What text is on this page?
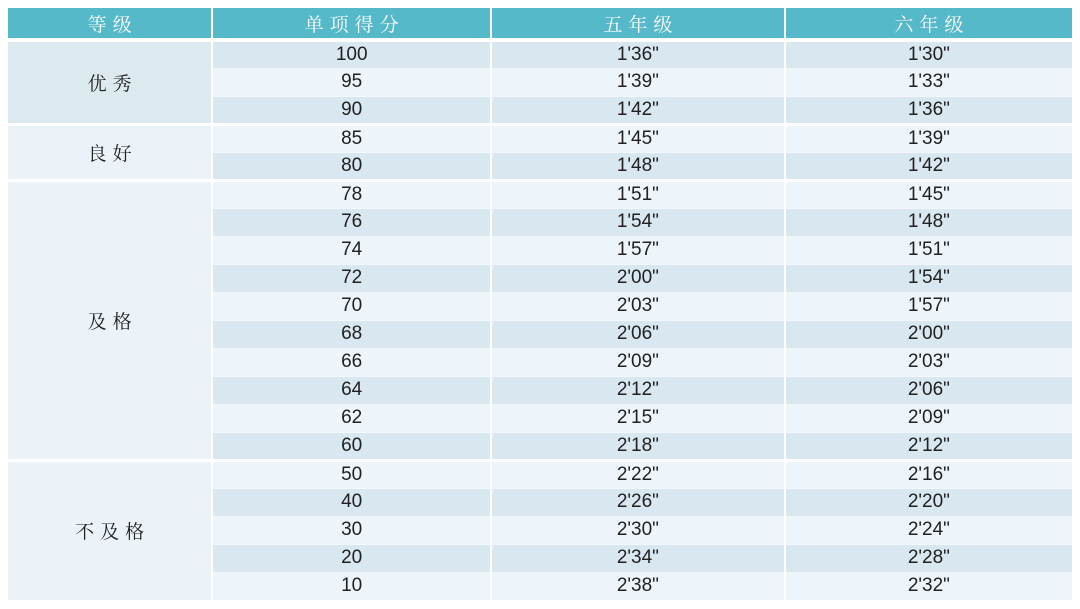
等级	单项得分	五年级	六年级
优秀	100	1'36"	1'30"
	95	1'39"	1'33"
	90	1'42"	1'36"
良好	85	1'45"	1'39"
	80	1'48"	1'42"
及格	78	1'51"	1'45"
	76	1'54"	1'48"
	74	1'57"	1'51"
	72	2'00"	1'54"
	70	2'03"	1'57"
	68	2'06"	2'00"
	66	2'09"	2'03"
	64	2'12"	2'06"
	62	2'15"	2'09"
	60	2'18"	2'12"
不及格	50	2'22"	2'16"
	40	2'26"	2'20"
	30	2'30"	2'24"
	20	2'34"	2'28"
	10	2'38"	2'32"
